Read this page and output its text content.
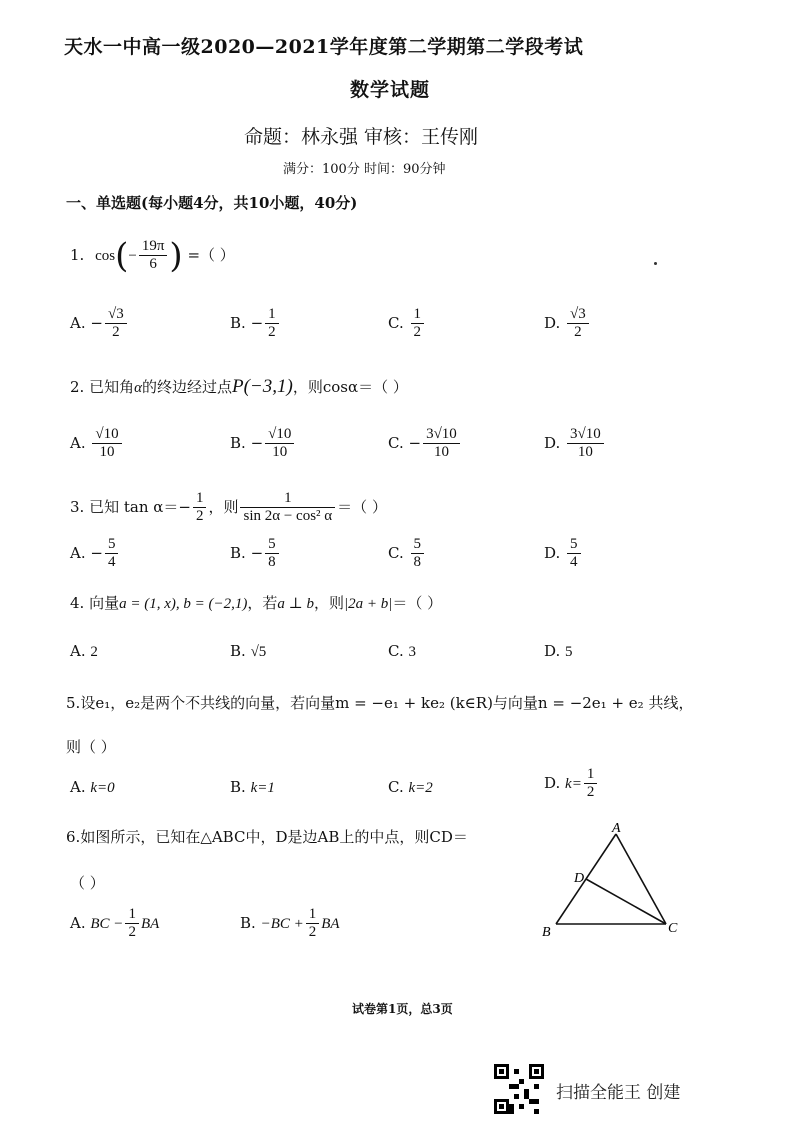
天水一中高一级2020—2021学年度第二学期第二学段考试
数学试题
命题：林永强 审核：王传刚
满分：100分 时间：90分钟
一、单选题(每小题4分，共10小题，40分)
1. $\cos(- \frac{19\pi}{6}$ ) =（ ）
A. − $\frac{√3}{2}$	B. − $\frac{1}{2}$	C. $\frac{1}{2}$	D. $\frac{√3}{2}$
2. 已知角α的终边经过点P(−3,1)，则cosα＝（ ）
A. $\frac{√10}{10}$	B. − $\frac{√10}{10}$	C. − $\frac{3√10}{10}$	D. $\frac{3√10}{10}$
3. 已知 $\tan \alpha=- \frac{1}{2}$ ，则 $\frac{1}{\text{sin 2α − cos² α}}$ ＝（ ）
A. − $\frac{5}{4}$	B. − $\frac{5}{8}$	C. $\frac{5}{8}$	D. $\frac{5}{4}$
4. 向量a = (1, x), b = (−2,1)，若a ⊥ b，则|2a + b|＝（ ）
A. 2	B. √5	C. 3	D. 5
5.设e₁，e₂是两个不共线的向量，若向量m = −e₁ + ke₂ (k∈R)与向量n = −2e₁ + e₂ 共线，
则（ ）
A. k=0	B. k=1	C. k=2	D. $k= \frac{1}{2}$
6.如图所示，已知在△ABC中，D是边AB上的中点，则CD＝
（ ）
A. BC − $\frac{1}{2}$ BA	B. $-BC + \frac{1}{2}$ BA
A
D
B	C
试卷第1页，总3页
扫描全能王 创建
